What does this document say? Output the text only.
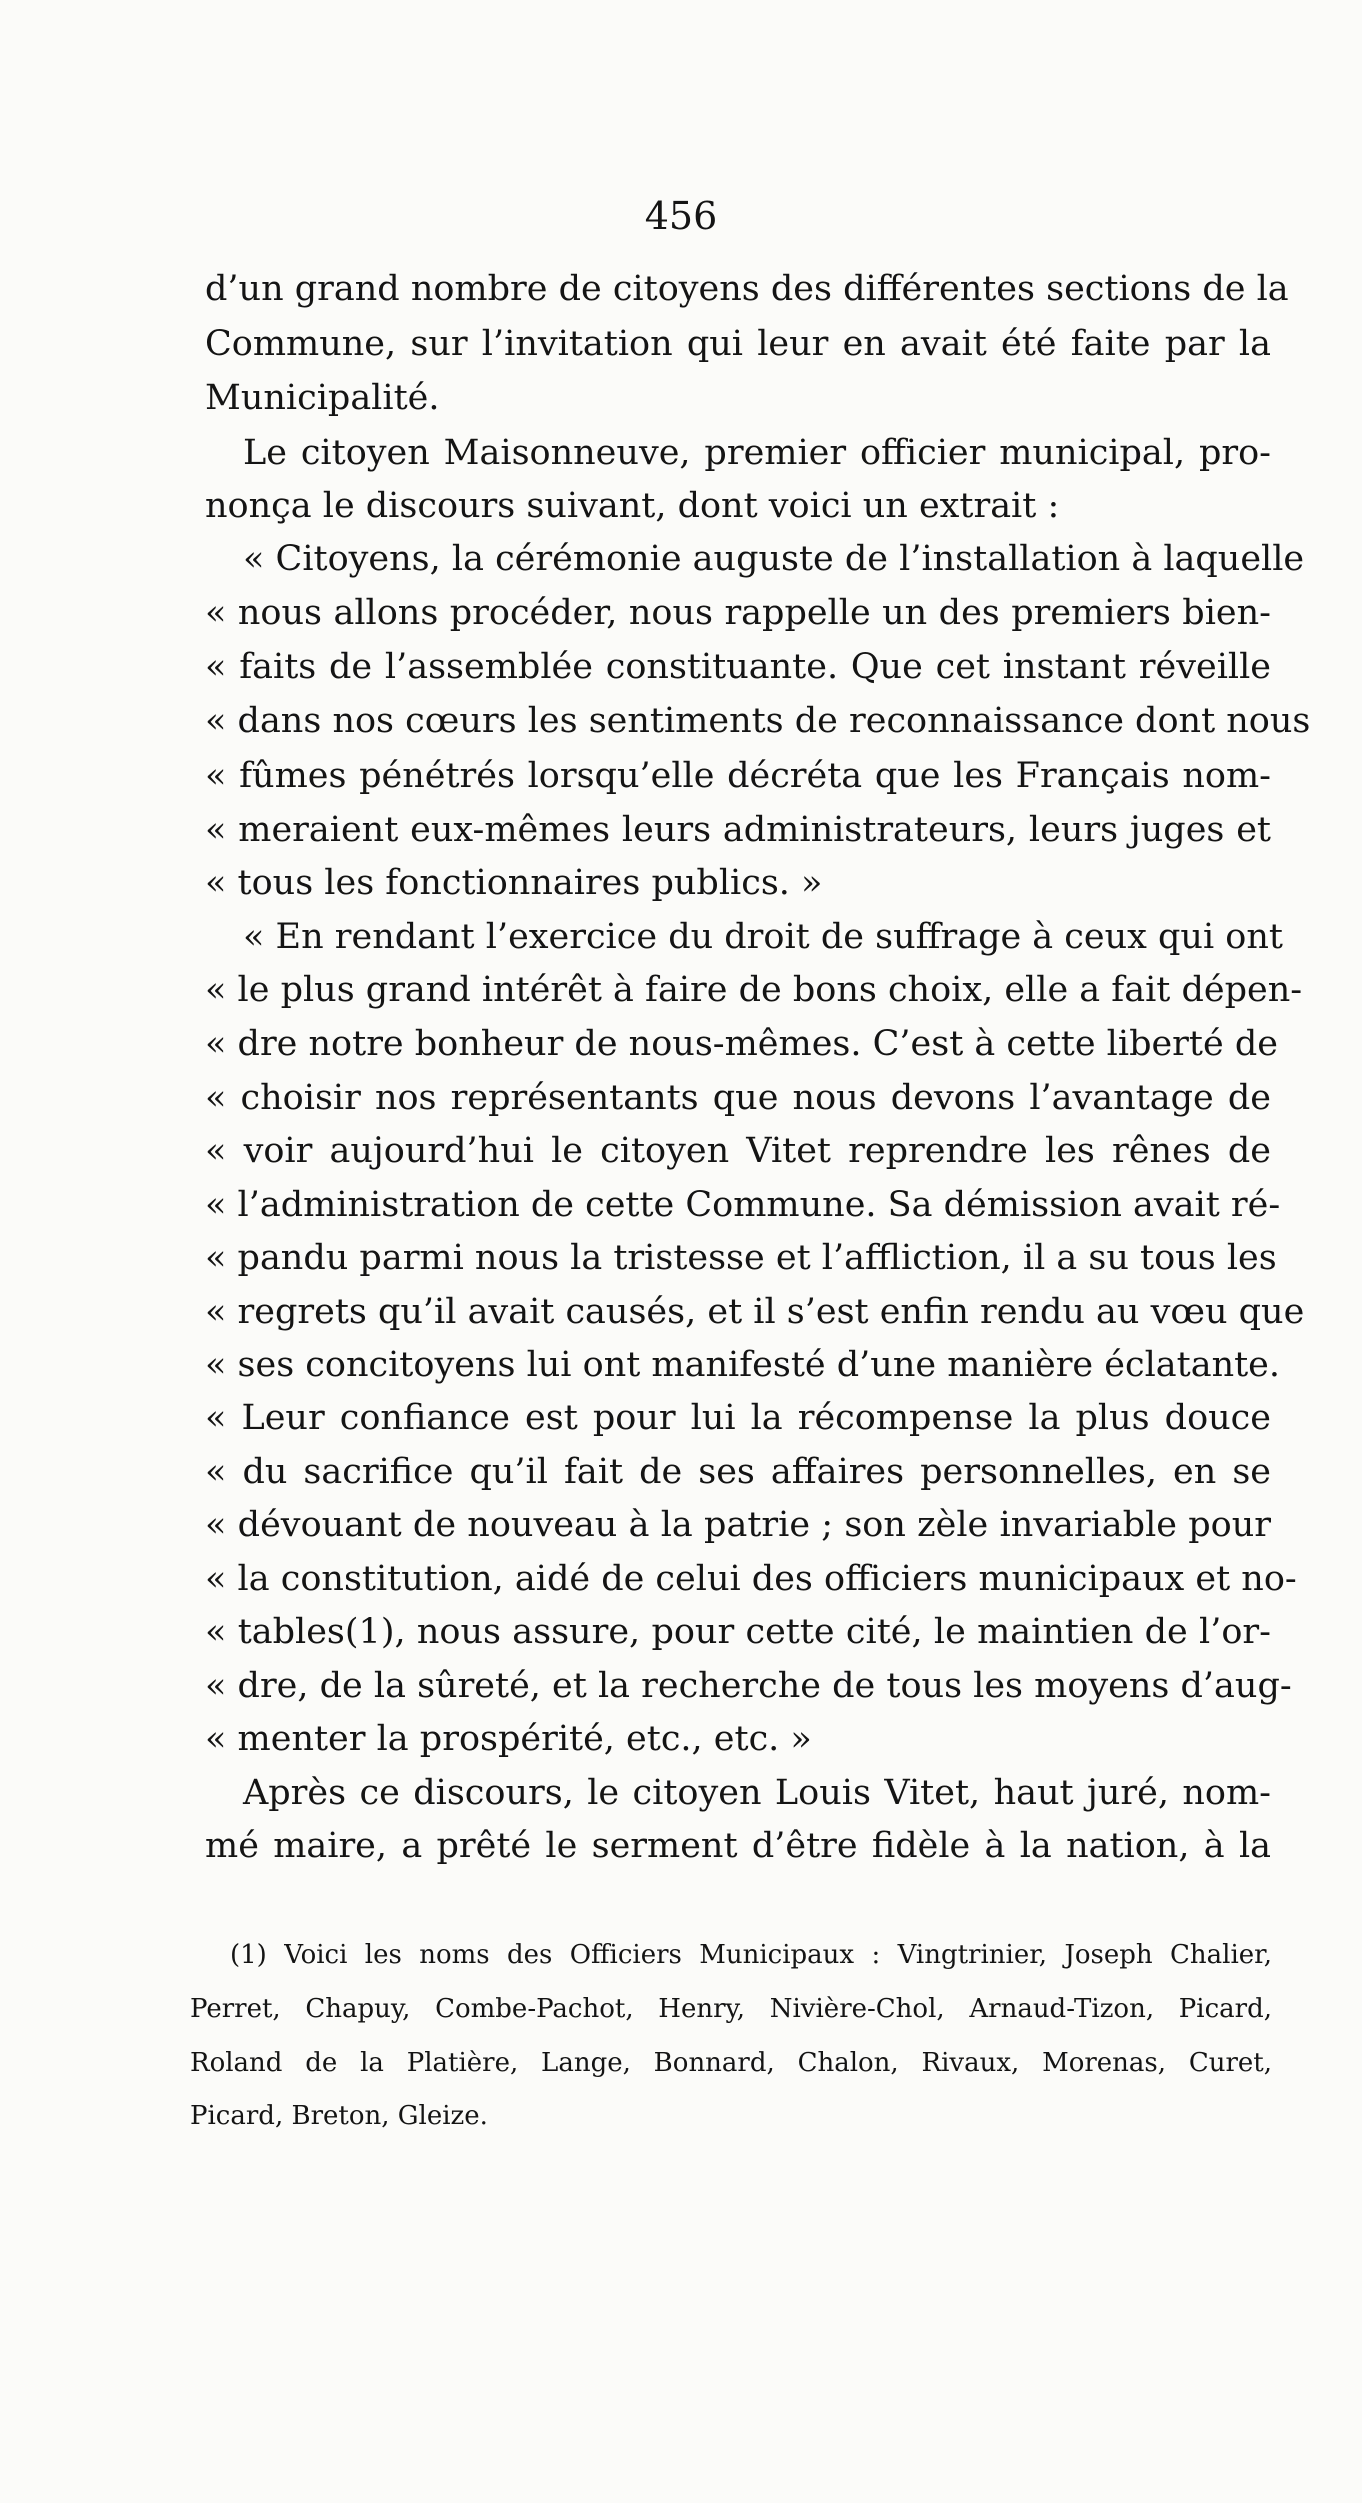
456

d’un grand nombre de citoyens des différentes sections de la

Commune, sur l’invitation qui leur en avait été faite par la

Municipalité.

Le citoyen Maisonneuve, premier officier municipal, pro-

nonça le discours suivant, dont voici un extrait :

« Citoyens, la cérémonie auguste de l’installation à laquelle

« nous allons procéder, nous rappelle un des premiers bien-

« faits de l’assemblée constituante. Que cet instant réveille

« dans nos cœurs les sentiments de reconnaissance dont nous

« fûmes pénétrés lorsqu’elle décréta que les Français nom-

« meraient eux-mêmes leurs administrateurs, leurs juges et

« tous les fonctionnaires publics. »

« En rendant l’exercice du droit de suffrage à ceux qui ont

« le plus grand intérêt à faire de bons choix, elle a fait dépen-

« dre notre bonheur de nous-mêmes. C’est à cette liberté de

« choisir nos représentants que nous devons l’avantage de

« voir aujourd’hui le citoyen Vitet reprendre les rênes de

« l’administration de cette Commune. Sa démission avait ré-

« pandu parmi nous la tristesse et l’affliction, il a su tous les

« regrets qu’il avait causés, et il s’est enfin rendu au vœu que

« ses concitoyens lui ont manifesté d’une manière éclatante.

« Leur confiance est pour lui la récompense la plus douce

« du sacrifice qu’il fait de ses affaires personnelles, en se

« dévouant de nouveau à la patrie ; son zèle invariable pour

« la constitution, aidé de celui des officiers municipaux et no-

« tables(1), nous assure, pour cette cité, le maintien de l’or-

« dre, de la sûreté, et la recherche de tous les moyens d’aug-

« menter la prospérité, etc., etc. »

Après ce discours, le citoyen Louis Vitet, haut juré, nom-

mé maire, a prêté le serment d’être fidèle à la nation, à la

(1) Voici les noms des Officiers Municipaux : Vingtrinier, Joseph Chalier,

Perret, Chapuy, Combe-Pachot, Henry, Nivière-Chol, Arnaud-Tizon, Picard,

Roland de la Platière, Lange, Bonnard, Chalon, Rivaux, Morenas, Curet,

Picard, Breton, Gleize.
